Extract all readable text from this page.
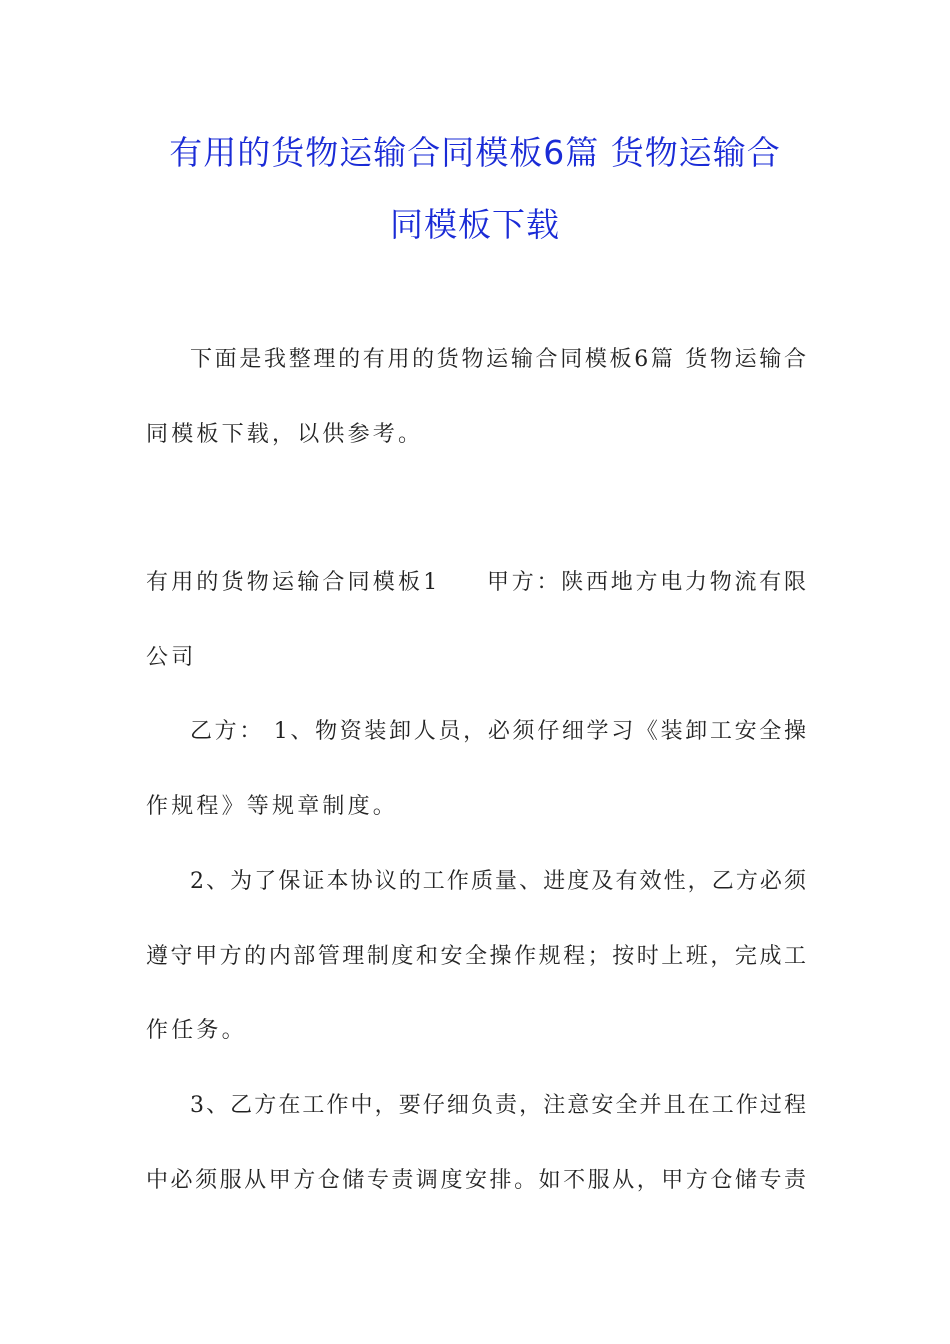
有用的货物运输合同模板6篇 货物运输合
同模板下载
下面是我整理的有用的货物运输合同模板6篇 货物运输合
同模板下载，以供参考。
有用的货物运输合同模板1 甲方：陕西地方电力物流有限
公司
乙方： 1、物资装卸人员，必须仔细学习《装卸工安全操
作规程》等规章制度。
2、为了保证本协议的工作质量、进度及有效性，乙方必须
遵守甲方的内部管理制度和安全操作规程；按时上班，完成工
作任务。
3、乙方在工作中，要仔细负责，注意安全并且在工作过程
中必须服从甲方仓储专责调度安排。如不服从，甲方仓储专责
